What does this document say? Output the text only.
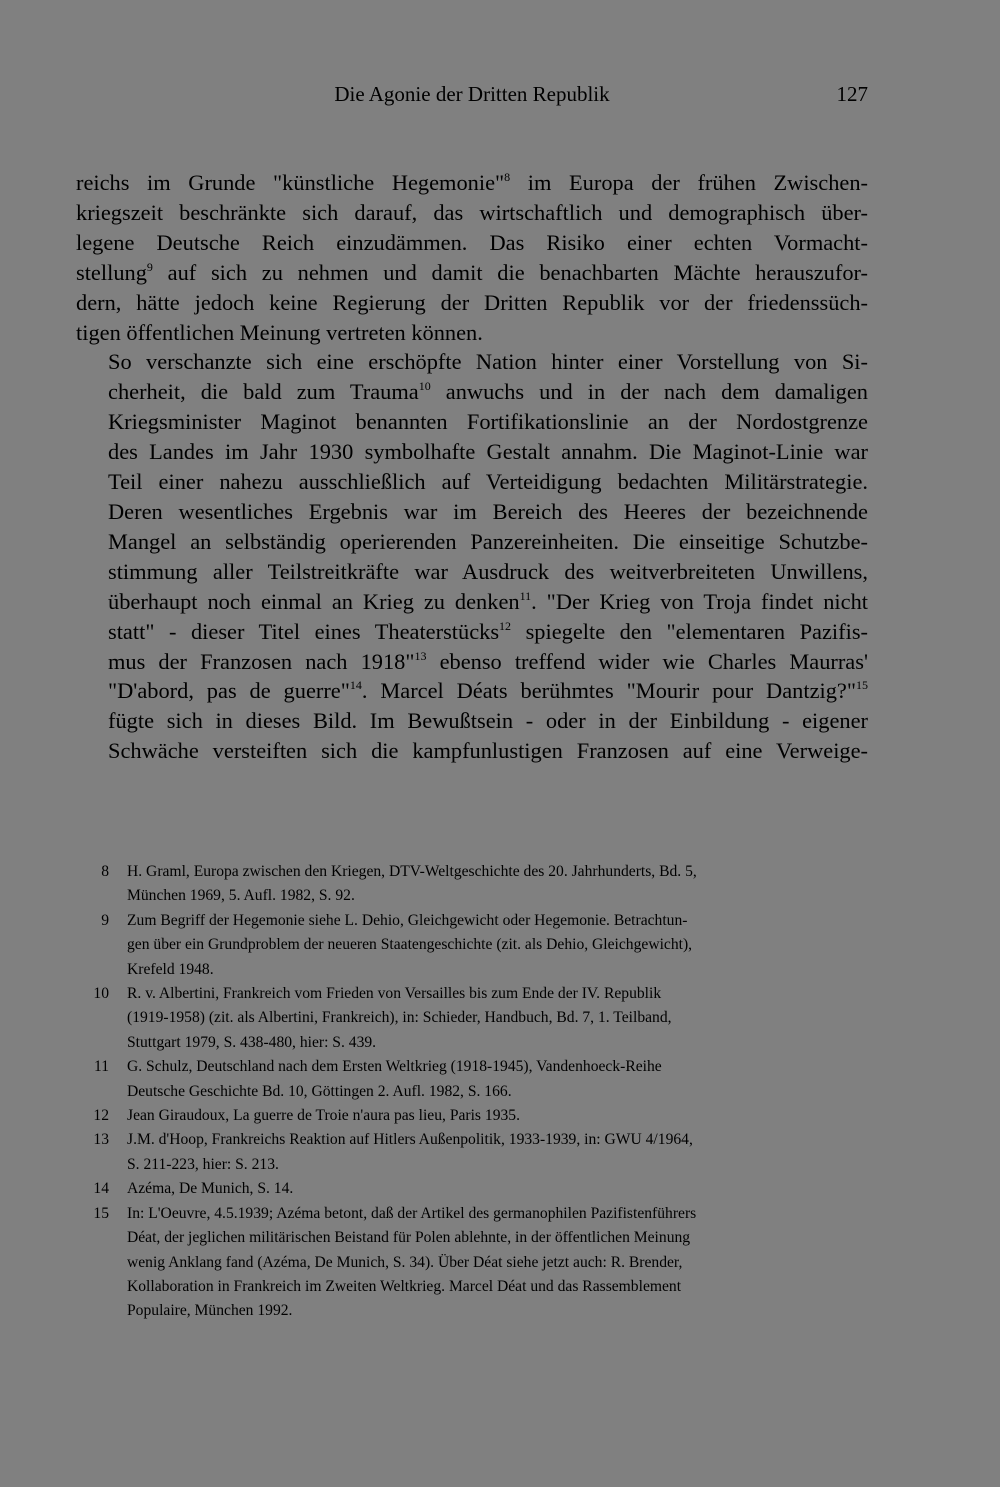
Die Agonie der Dritten Republik	127

reichs im Grunde "künstliche Hegemonie"$^8$ im Europa der frühen Zwischen-
kriegszeit beschränkte sich darauf, das wirtschaftlich und demographisch über-
legene Deutsche Reich einzudämmen. Das Risiko einer echten Vormacht-
stellung$^9$ auf sich zu nehmen und damit die benachbarten Mächte herauszufor-
dern, hätte jedoch keine Regierung der Dritten Republik vor der friedenssüch-
tigen öffentlichen Meinung vertreten können.

So verschanzte sich eine erschöpfte Nation hinter einer Vorstellung von Si-
cherheit, die bald zum Trauma$^{10}$ anwuchs und in der nach dem damaligen
Kriegsminister Maginot benannten Fortifikationslinie an der Nordostgrenze
des Landes im Jahr 1930 symbolhafte Gestalt annahm. Die Maginot-Linie war
Teil einer nahezu ausschließlich auf Verteidigung bedachten Militärstrategie.
Deren wesentliches Ergebnis war im Bereich des Heeres der bezeichnende
Mangel an selbständig operierenden Panzereinheiten. Die einseitige Schutzbe-
stimmung aller Teilstreitkräfte war Ausdruck des weitverbreiteten Unwillens,
überhaupt noch einmal an Krieg zu denken$^{11}$. "Der Krieg von Troja findet nicht
statt" - dieser Titel eines Theaterstücks$^{12}$ spiegelte den "elementaren Pazifis-
mus der Franzosen nach 1918"$^{13}$ ebenso treffend wider wie Charles Maurras'
"D'abord, pas de guerre"$^{14}$. Marcel Déats berühmtes "Mourir pour Dantzig?"$^{15}$
fügte sich in dieses Bild. Im Bewußtsein - oder in der Einbildung - eigener
Schwäche versteiften sich die kampfunlustigen Franzosen auf eine Verweige-

8 H. Graml, Europa zwischen den Kriegen, DTV-Weltgeschichte des 20. Jahrhunderts, Bd. 5,
München 1969, 5. Aufl. 1982, S. 92.
9 Zum Begriff der Hegemonie siehe L. Dehio, Gleichgewicht oder Hegemonie. Betrachtun-
gen über ein Grundproblem der neueren Staatengeschichte (zit. als Dehio, Gleichgewicht),
Krefeld 1948.
10 R. v. Albertini, Frankreich vom Frieden von Versailles bis zum Ende der IV. Republik
(1919-1958) (zit. als Albertini, Frankreich), in: Schieder, Handbuch, Bd. 7, 1. Teilband,
Stuttgart 1979, S. 438-480, hier: S. 439.
11 G. Schulz, Deutschland nach dem Ersten Weltkrieg (1918-1945), Vandenhoeck-Reihe
Deutsche Geschichte Bd. 10, Göttingen 2. Aufl. 1982, S. 166.
12 Jean Giraudoux, La guerre de Troie n'aura pas lieu, Paris 1935.
13 J.M. d'Hoop, Frankreichs Reaktion auf Hitlers Außenpolitik, 1933-1939, in: GWU 4/1964,
S. 211-223, hier: S. 213.
14 Azéma, De Munich, S. 14.
15 In: L'Oeuvre, 4.5.1939; Azéma betont, daß der Artikel des germanophilen Pazifistenführers
Déat, der jeglichen militärischen Beistand für Polen ablehnte, in der öffentlichen Meinung
wenig Anklang fand (Azéma, De Munich, S. 34). Über Déat siehe jetzt auch: R. Brender,
Kollaboration in Frankreich im Zweiten Weltkrieg. Marcel Déat und das Rassemblement
Populaire, München 1992.
